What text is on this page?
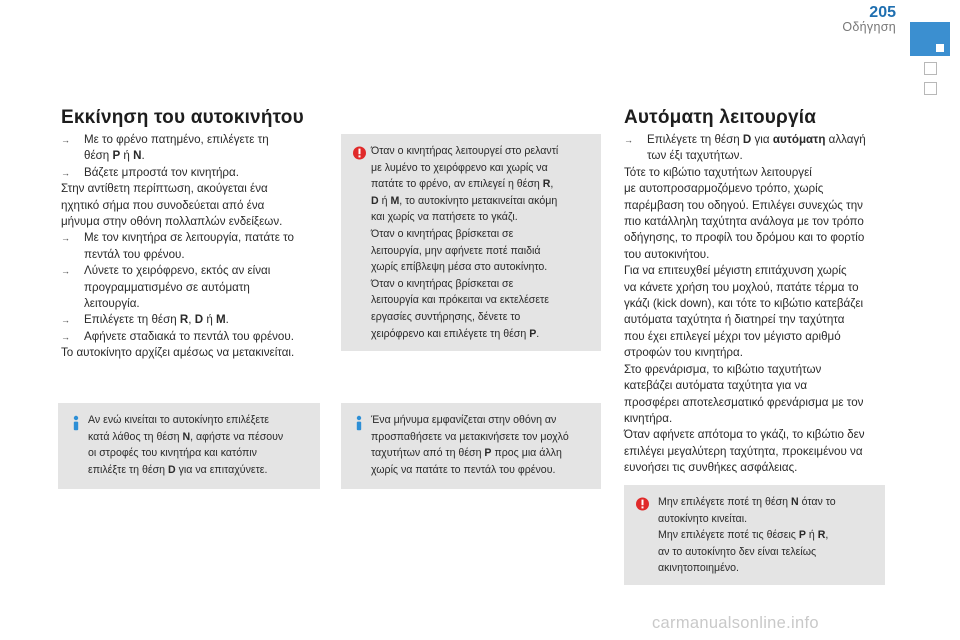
205
Οδήγηση
Εκκίνηση του αυτοκινήτου
→ Με το φρένο πατημένο, επιλέγετε τη
θέση P ή N.
→ Βάζετε μπροστά τον κινητήρα.
Στην αντίθετη περίπτωση, ακούγεται ένα
ηχητικό σήμα που συνοδεύεται από ένα
μήνυμα στην οθόνη πολλαπλών ενδείξεων.
→ Με τον κινητήρα σε λειτουργία, πατάτε το
πεντάλ του φρένου.
→ Λύνετε το χειρόφρενο, εκτός αν είναι
προγραμματισμένο σε αυτόματη
λειτουργία.
→ Επιλέγετε τη θέση R, D ή M.
→ Αφήνετε σταδιακά το πεντάλ του φρένου.
Το αυτοκίνητο αρχίζει αμέσως να μετακινείται.
Όταν ο κινητήρας λειτουργεί στο ρελαντί
με λυμένο το χειρόφρενο και χωρίς να
πατάτε το φρένο, αν επιλεγεί η θέση R,
D ή M, το αυτοκίνητο μετακινείται ακόμη
και χωρίς να πατήσετε το γκάζι.
Όταν ο κινητήρας βρίσκεται σε
λειτουργία, μην αφήνετε ποτέ παιδιά
χωρίς επίβλεψη μέσα στο αυτοκίνητο.
Όταν ο κινητήρας βρίσκεται σε
λειτουργία και πρόκειται να εκτελέσετε
εργασίες συντήρησης, δένετε το
χειρόφρενο και επιλέγετε τη θέση P.
Αν ενώ κινείται το αυτοκίνητο επιλέξετε
κατά λάθος τη θέση N, αφήστε να πέσουν
οι στροφές του κινητήρα και κατόπιν
επιλέξτε τη θέση D για να επιταχύνετε.
Ένα μήνυμα εμφανίζεται στην οθόνη αν
προσπαθήσετε να μετακινήσετε τον μοχλό
ταχυτήτων από τη θέση P προς μια άλλη
χωρίς να πατάτε το πεντάλ του φρένου.
Αυτόματη λειτουργία
→ Επιλέγετε τη θέση D για αυτόματη αλλαγή
των έξι ταχυτήτων.
Τότε το κιβώτιο ταχυτήτων λειτουργεί
με αυτοπροσαρμοζόμενο τρόπο, χωρίς
παρέμβαση του οδηγού. Επιλέγει συνεχώς την
πιο κατάλληλη ταχύτητα ανάλογα με τον τρόπο
οδήγησης, το προφίλ του δρόμου και το φορτίο
του αυτοκινήτου.
Για να επιτευχθεί μέγιστη επιτάχυνση χωρίς
να κάνετε χρήση του μοχλού, πατάτε τέρμα το
γκάζι (kick down), και τότε το κιβώτιο κατεβάζει
αυτόματα ταχύτητα ή διατηρεί την ταχύτητα
που έχει επιλεγεί μέχρι τον μέγιστο αριθμό
στροφών του κινητήρα.
Στο φρενάρισμα, το κιβώτιο ταχυτήτων
κατεβάζει αυτόματα ταχύτητα για να
προσφέρει αποτελεσματικό φρενάρισμα με τον
κινητήρα.
Όταν αφήνετε απότομα το γκάζι, το κιβώτιο δεν
επιλέγει μεγαλύτερη ταχύτητα, προκειμένου να
ευνοήσει τις συνθήκες ασφάλειας.
Μην επιλέγετε ποτέ τη θέση N όταν το
αυτοκίνητο κινείται.
Μην επιλέγετε ποτέ τις θέσεις P ή R,
αν το αυτοκίνητο δεν είναι τελείως
ακινητοποιημένο.
carmanualsonline.info
